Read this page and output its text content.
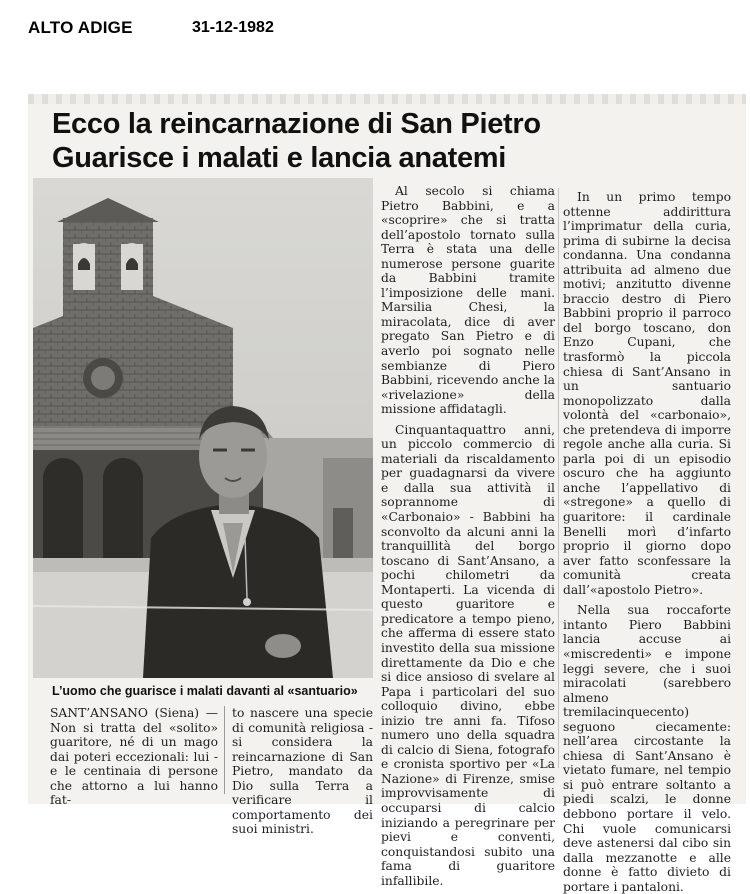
ALTO ADIGE	31-12-1982
Ecco la reincarnazione di San Pietro
Guarisce i malati e lancia anatemi
L’uomo che guarisce i malati davanti al «santuario»

Al secolo si chiama Pietro Babbini, e a «scoprire» che si tratta dell’apostolo tornato sulla Terra è stata una delle numerose persone guarite da Babbini tramite l’imposizione delle mani. Marsilia Chesi, la miracolata, dice di aver pregato San Pietro e di averlo poi sognato nelle sembianze di Piero Babbini, ricevendo anche la «rivelazione» della missione affidatagli.

Cinquantaquattro anni, un piccolo commercio di materiali da riscaldamento per guadagnarsi da vivere e dalla sua attività il soprannome di «Carbonaio» - Babbini ha sconvolto da alcuni anni la tranquillità del borgo toscano di Sant’Ansano, a pochi chilometri da Montaperti. La vicenda di questo guaritore e predicatore a tempo pieno, che afferma di essere stato investito della sua missione direttamente da Dio e che si dice ansioso di svelare al Papa i particolari del suo colloquio divino, ebbe inizio tre anni fa. Tifoso numero uno della squadra di calcio di Siena, fotografo e cronista sportivo per «La Nazione» di Firenze, smise improvvisamente di occuparsi di calcio iniziando a peregrinare per pievi e conventi, conquistandosi subito una fama di guaritore infallibile.

In un primo tempo ottenne addirittura l’imprimatur della curia, prima di subirne la decisa condanna. Una condanna attribuita ad almeno due motivi; anzitutto divenne braccio destro di Piero Babbini proprio il parroco del borgo toscano, don Enzo Cupani, che trasformò la piccola chiesa di Sant’Ansano in un santuario monopolizzato dalla volontà del «carbonaio», che pretendeva di imporre regole anche alla curia. Si parla poi di un episodio oscuro che ha aggiunto anche l’appellativo di «stregone» a quello di guaritore: il cardinale Benelli morì d’infarto proprio il giorno dopo aver fatto sconfessare la comunità creata dall’«apostolo Pietro».

Nella sua roccaforte intanto Piero Babbini lancia accuse ai «miscredenti» e impone leggi severe, che i suoi miracolati (sarebbero almeno tremilacinquecento) seguono ciecamente: nell’area circostante la chiesa di Sant’Ansano è vietato fumare, nel tempio si può entrare soltanto a piedi scalzi, le donne debbono portare il velo. Chi vuole comunicarsi deve astenersi dal cibo sin dalla mezzanotte e alle donne è fatto divieto di portare i pantaloni.

SANT’ANSANO (Siena) — Non si tratta del «solito» guaritore, né di un mago dai poteri eccezionali: lui - e le centinaia di persone che attorno a lui hanno fat-

to nascere una specie di comunità religiosa - si considera la reincarnazione di San Pietro, mandato da Dio sulla Terra a verificare il comportamento dei suoi ministri.
